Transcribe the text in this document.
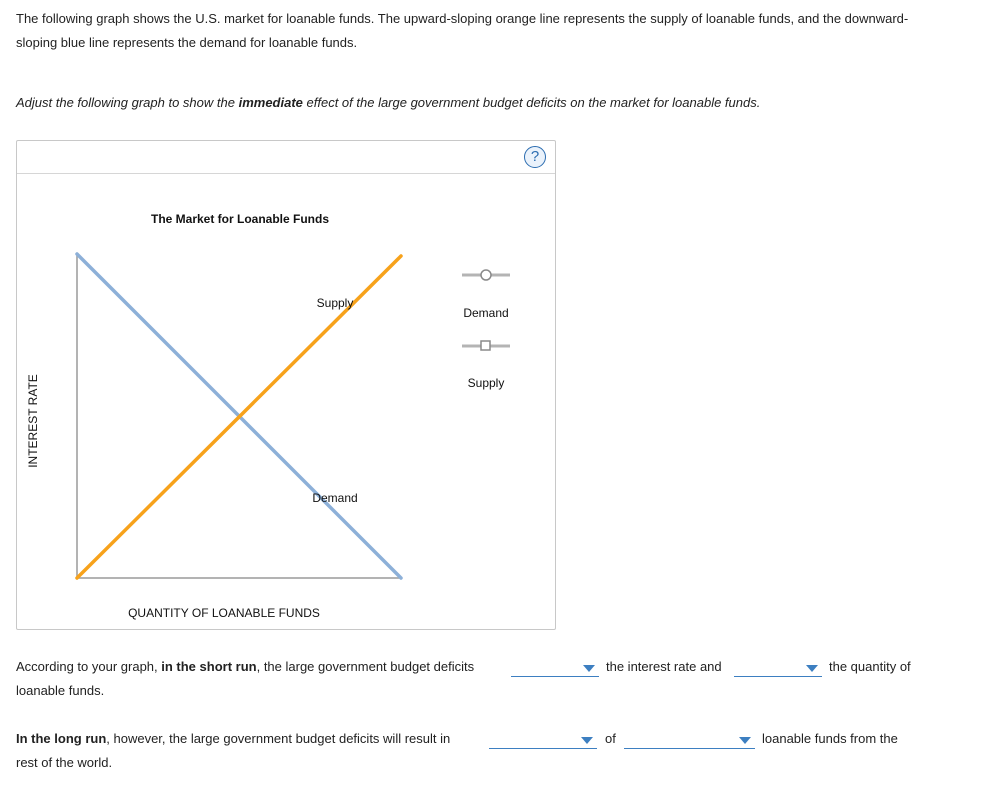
The following graph shows the U.S. market for loanable funds. The upward-sloping orange line represents the supply of loanable funds, and the downward-sloping blue line represents the demand for loanable funds.

Adjust the following graph to show the immediate effect of the large government budget deficits on the market for loanable funds.

?
The Market for Loanable Funds
Supply
Demand
QUANTITY OF LOANABLE FUNDS
INTEREST RATE
Demand
Supply
According to your graph, in the short run, the large government budget deficits	the interest rate and	the quantity of
loanable funds.
In the long run, however, the large government budget deficits will result in	of	loanable funds from the
rest of the world.
